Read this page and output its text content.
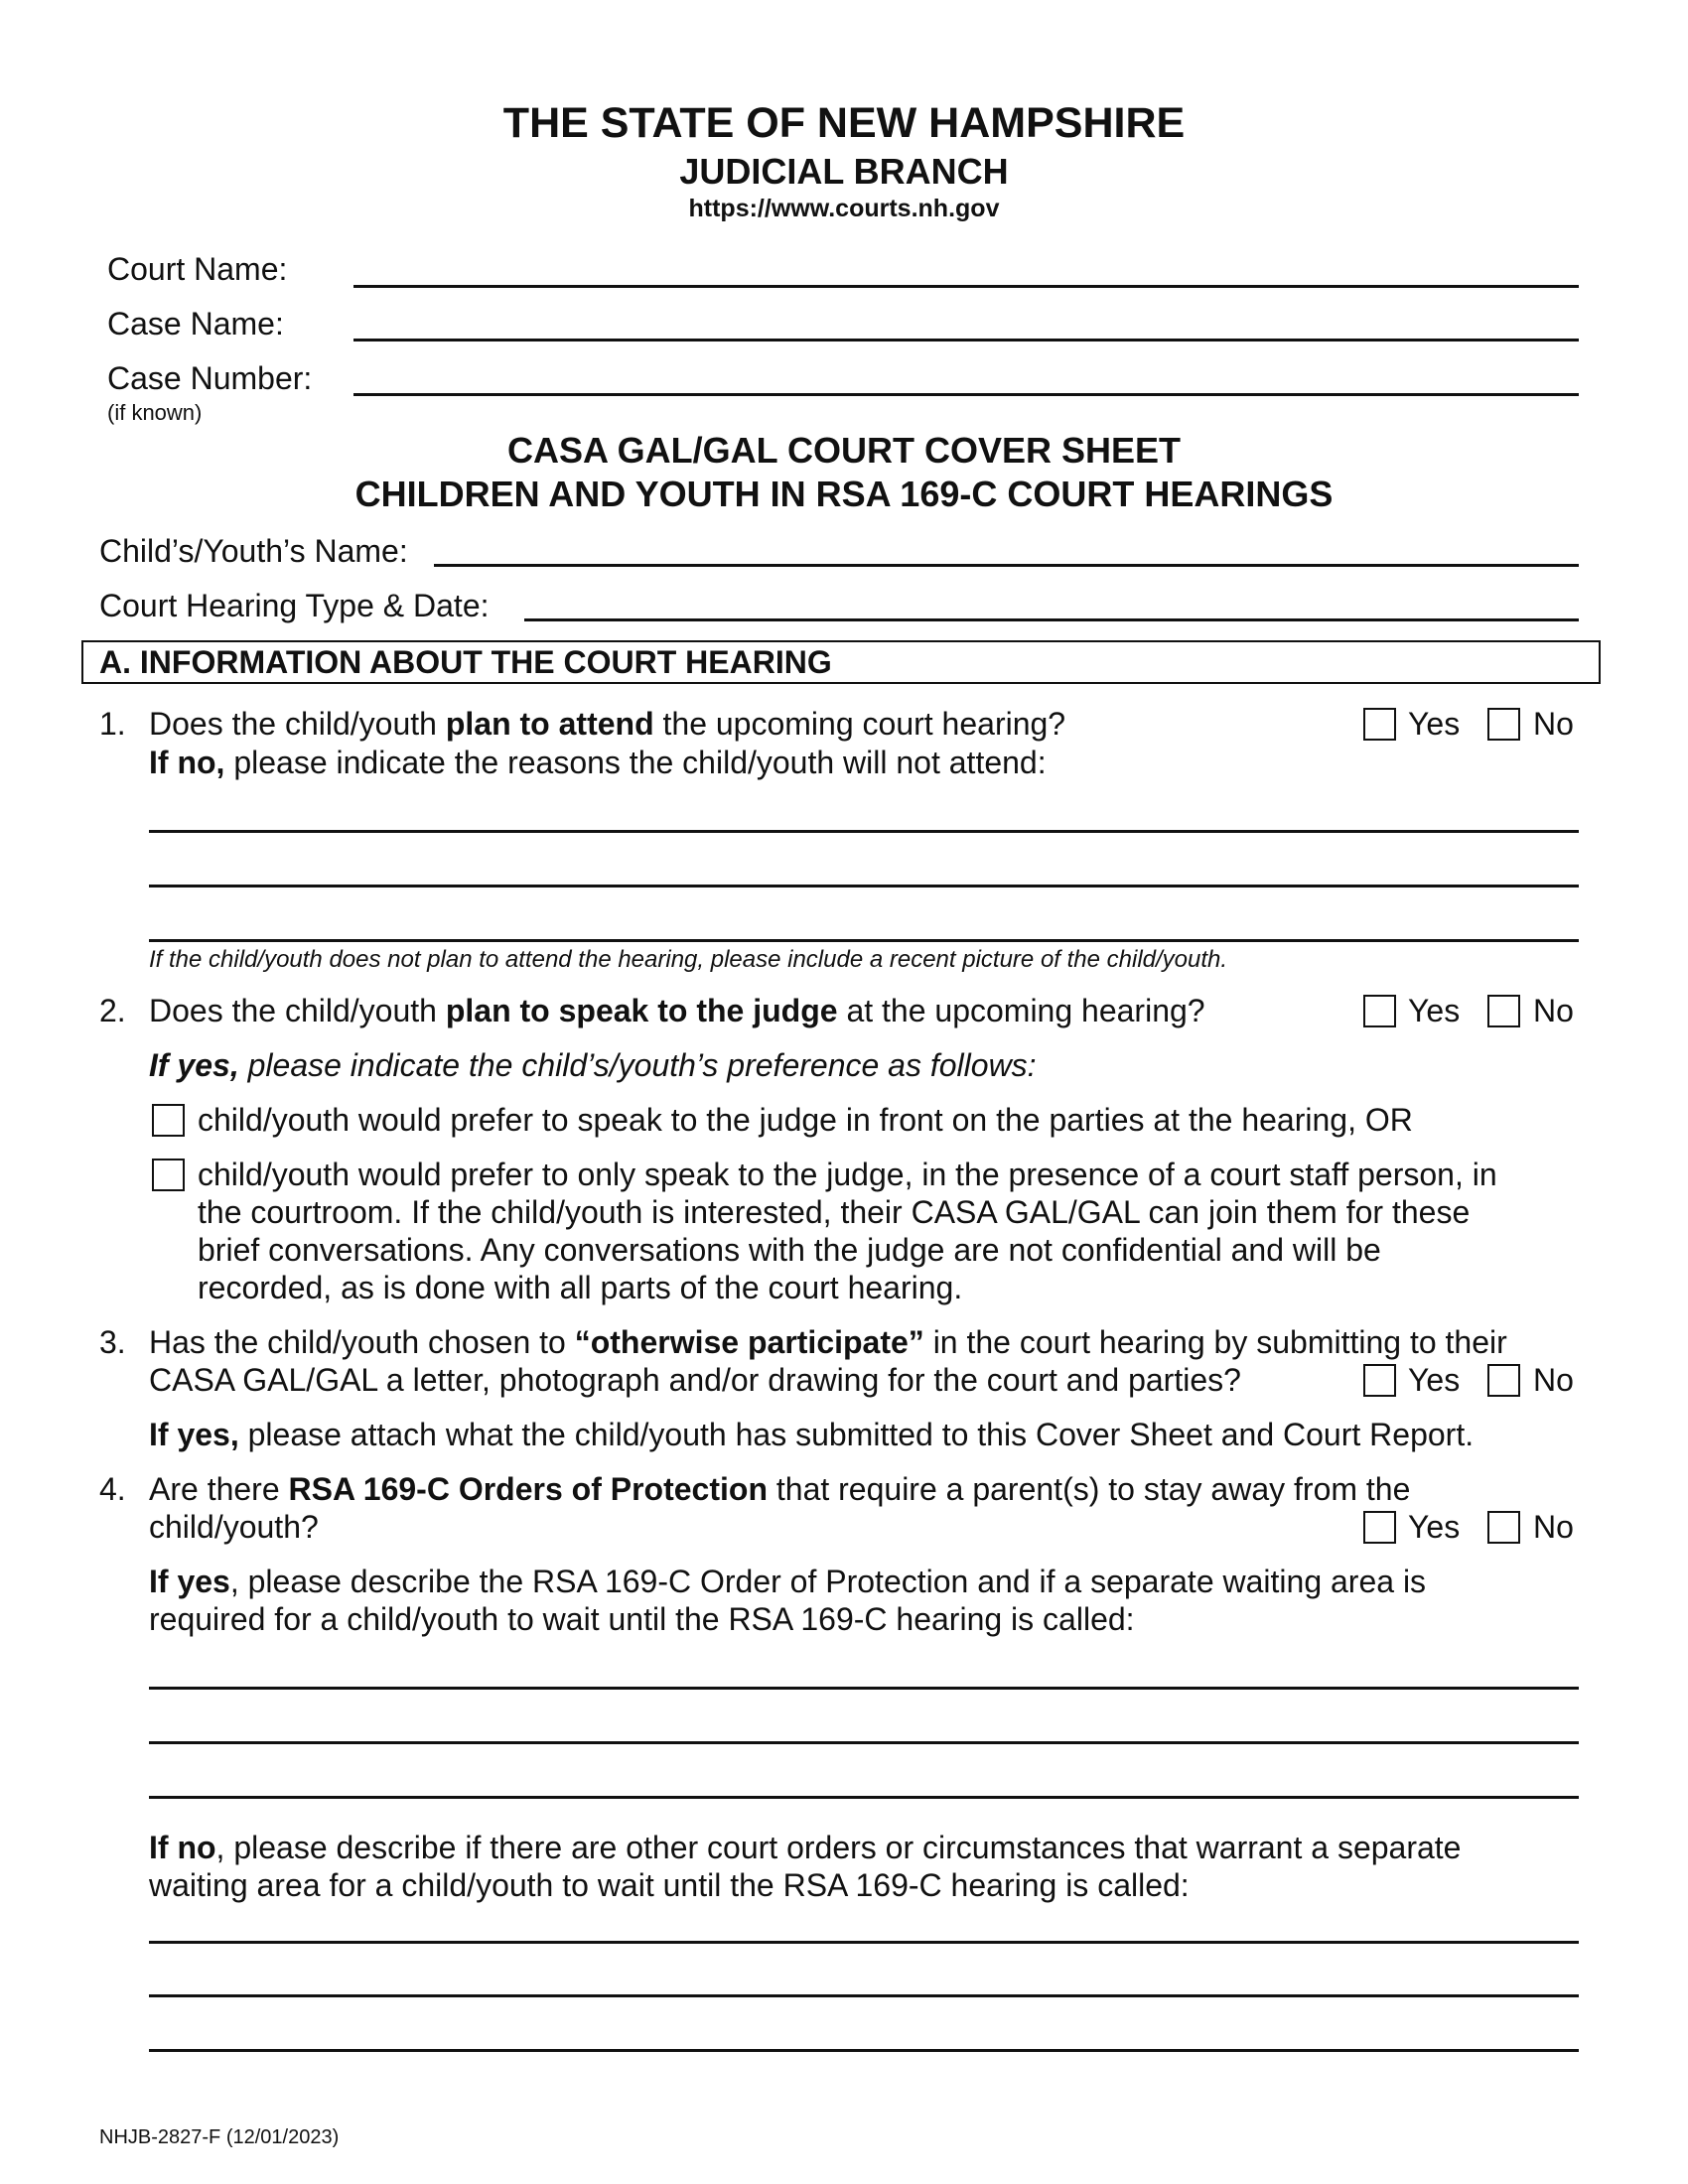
THE STATE OF NEW HAMPSHIRE
JUDICIAL BRANCH
https://www.courts.nh.gov
Court Name:
Case Name:
Case Number:
(if known)
CASA GAL/GAL COURT COVER SHEET
CHILDREN AND YOUTH IN RSA 169-C COURT HEARINGS
Child’s/Youth’s Name:
Court Hearing Type & Date:
A. INFORMATION ABOUT THE COURT HEARING
1. Does the child/youth plan to attend the upcoming court hearing?	Yes No
If no, please indicate the reasons the child/youth will not attend:
If the child/youth does not plan to attend the hearing, please include a recent picture of the child/youth.
2. Does the child/youth plan to speak to the judge at the upcoming hearing?	Yes No
If yes, please indicate the child’s/youth’s preference as follows:
child/youth would prefer to speak to the judge in front on the parties at the hearing, OR
child/youth would prefer to only speak to the judge, in the presence of a court staff person, in
the courtroom. If the child/youth is interested, their CASA GAL/GAL can join them for these
brief conversations. Any conversations with the judge are not confidential and will be
recorded, as is done with all parts of the court hearing.
3. Has the child/youth chosen to “otherwise participate” in the court hearing by submitting to their
CASA GAL/GAL a letter, photograph and/or drawing for the court and parties?	Yes No
If yes, please attach what the child/youth has submitted to this Cover Sheet and Court Report.
4. Are there RSA 169-C Orders of Protection that require a parent(s) to stay away from the
child/youth?	Yes No
If yes, please describe the RSA 169-C Order of Protection and if a separate waiting area is
required for a child/youth to wait until the RSA 169-C hearing is called:
If no, please describe if there are other court orders or circumstances that warrant a separate
waiting area for a child/youth to wait until the RSA 169-C hearing is called:
NHJB-2827-F (12/01/2023)
